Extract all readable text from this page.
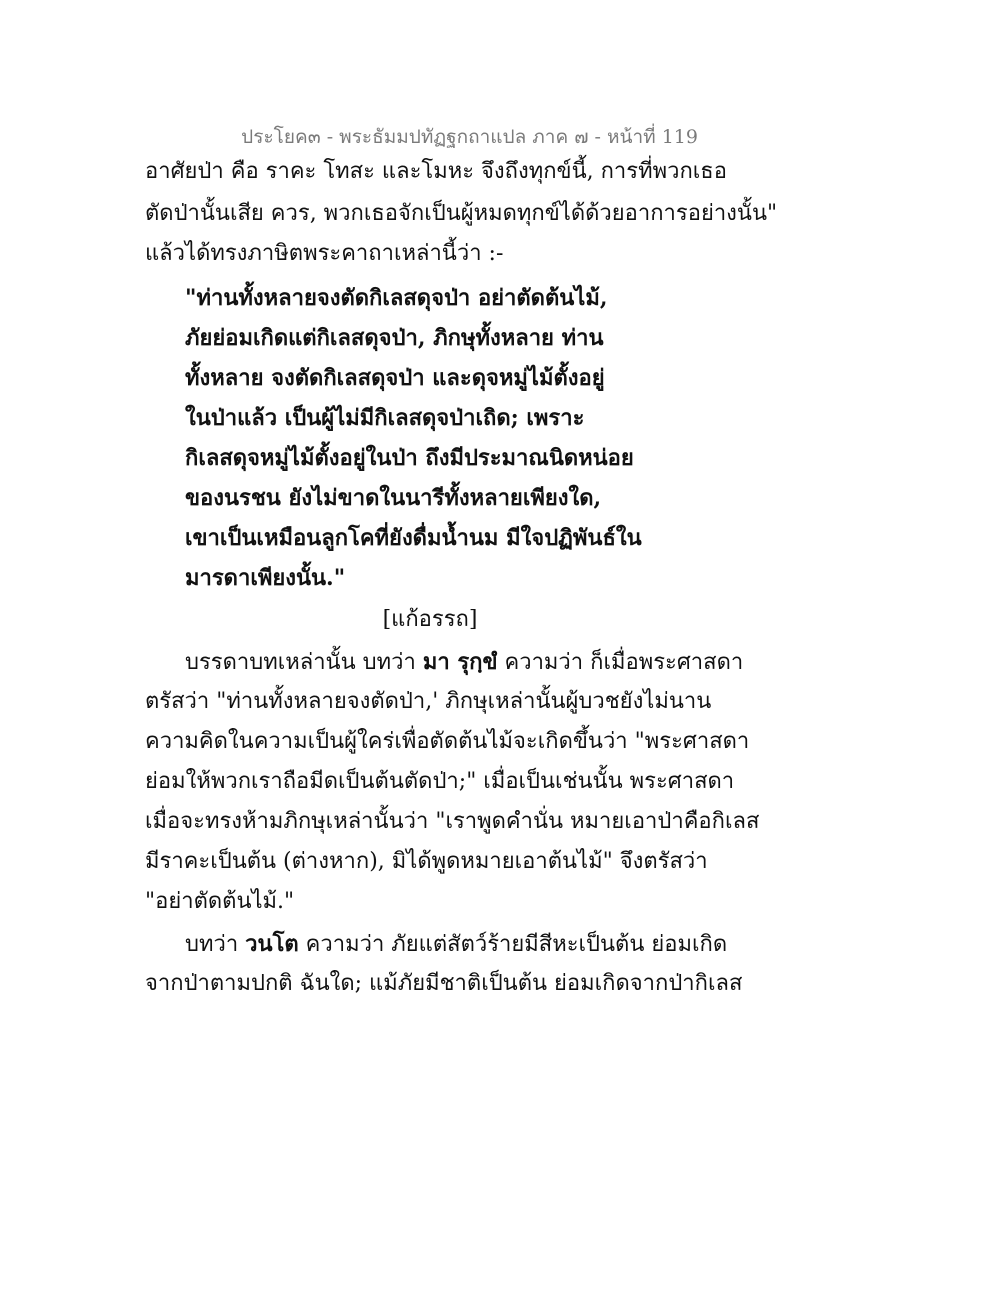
ประโยค๓ - พระธัมมปทัฏฐกถาแปล ภาค ๗ - หน้าที่ 119
อาศัยป่า คือ ราคะ โทสะ และโมหะ จึงถึงทุกข์นี้, การที่พวกเธอ
ตัดป่านั้นเสีย ควร, พวกเธอจักเป็นผู้หมดทุกข์ได้ด้วยอาการอย่างนั้น"
แล้วได้ทรงภาษิตพระคาถาเหล่านี้ว่า :-
"ท่านทั้งหลายจงตัดกิเลสดุจป่า อย่าตัดต้นไม้,
ภัยย่อมเกิดแต่กิเลสดุจป่า, ภิกษุทั้งหลาย ท่าน
ทั้งหลาย จงตัดกิเลสดุจป่า และดุจหมู่ไม้ตั้งอยู่
ในป่าแล้ว เป็นผู้ไม่มีกิเลสดุจป่าเถิด; เพราะ
กิเลสดุจหมู่ไม้ตั้งอยู่ในป่า ถึงมีประมาณนิดหน่อย
ของนรชน ยังไม่ขาดในนารีทั้งหลายเพียงใด,
เขาเป็นเหมือนลูกโคที่ยังดื่มน้ำนม มีใจปฏิพันธ์ใน
มารดาเพียงนั้น."
[แก้อรรถ]
บรรดาบทเหล่านั้น บทว่า มา รุกฺขํ ความว่า ก็เมื่อพระศาสดา
ตรัสว่า "ท่านทั้งหลายจงตัดป่า,' ภิกษุเหล่านั้นผู้บวชยังไม่นาน
ความคิดในความเป็นผู้ใคร่เพื่อตัดต้นไม้จะเกิดขึ้นว่า "พระศาสดา
ย่อมให้พวกเราถือมีดเป็นต้นตัดป่า;" เมื่อเป็นเช่นนั้น พระศาสดา
เมื่อจะทรงห้ามภิกษุเหล่านั้นว่า "เราพูดคำนั่น หมายเอาป่าคือกิเลส
มีราคะเป็นต้น (ต่างหาก), มิได้พูดหมายเอาต้นไม้" จึงตรัสว่า
"อย่าตัดต้นไม้."
บทว่า วนโต ความว่า ภัยแต่สัตว์ร้ายมีสีหะเป็นต้น ย่อมเกิด
จากป่าตามปกติ ฉันใด; แม้ภัยมีชาติเป็นต้น ย่อมเกิดจากป่ากิเลส
